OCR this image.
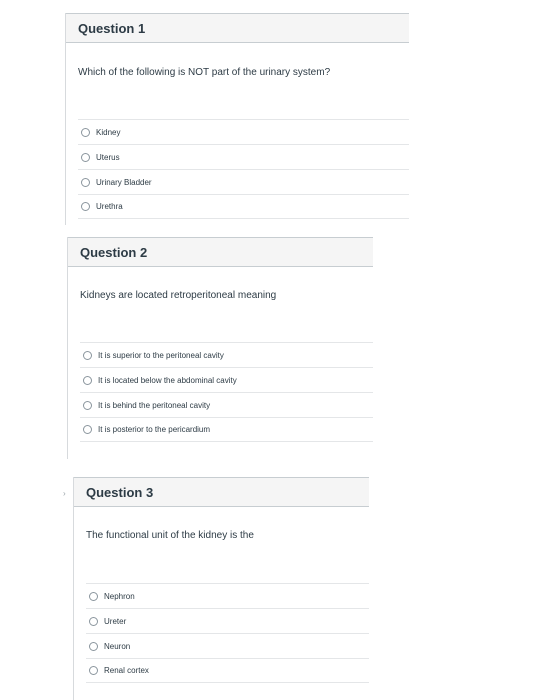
Question 1
Which of the following is NOT part of the urinary system?
Kidney
Uterus
Urinary Bladder
Urethra
Question 2
Kidneys are located retroperitoneal meaning
It is superior to the peritoneal cavity
It is located below the abdominal cavity
It is behind the peritoneal cavity
It is posterior to the pericardium
› Question 3
The functional unit of the kidney is the
Nephron
Ureter
Neuron
Renal cortex
